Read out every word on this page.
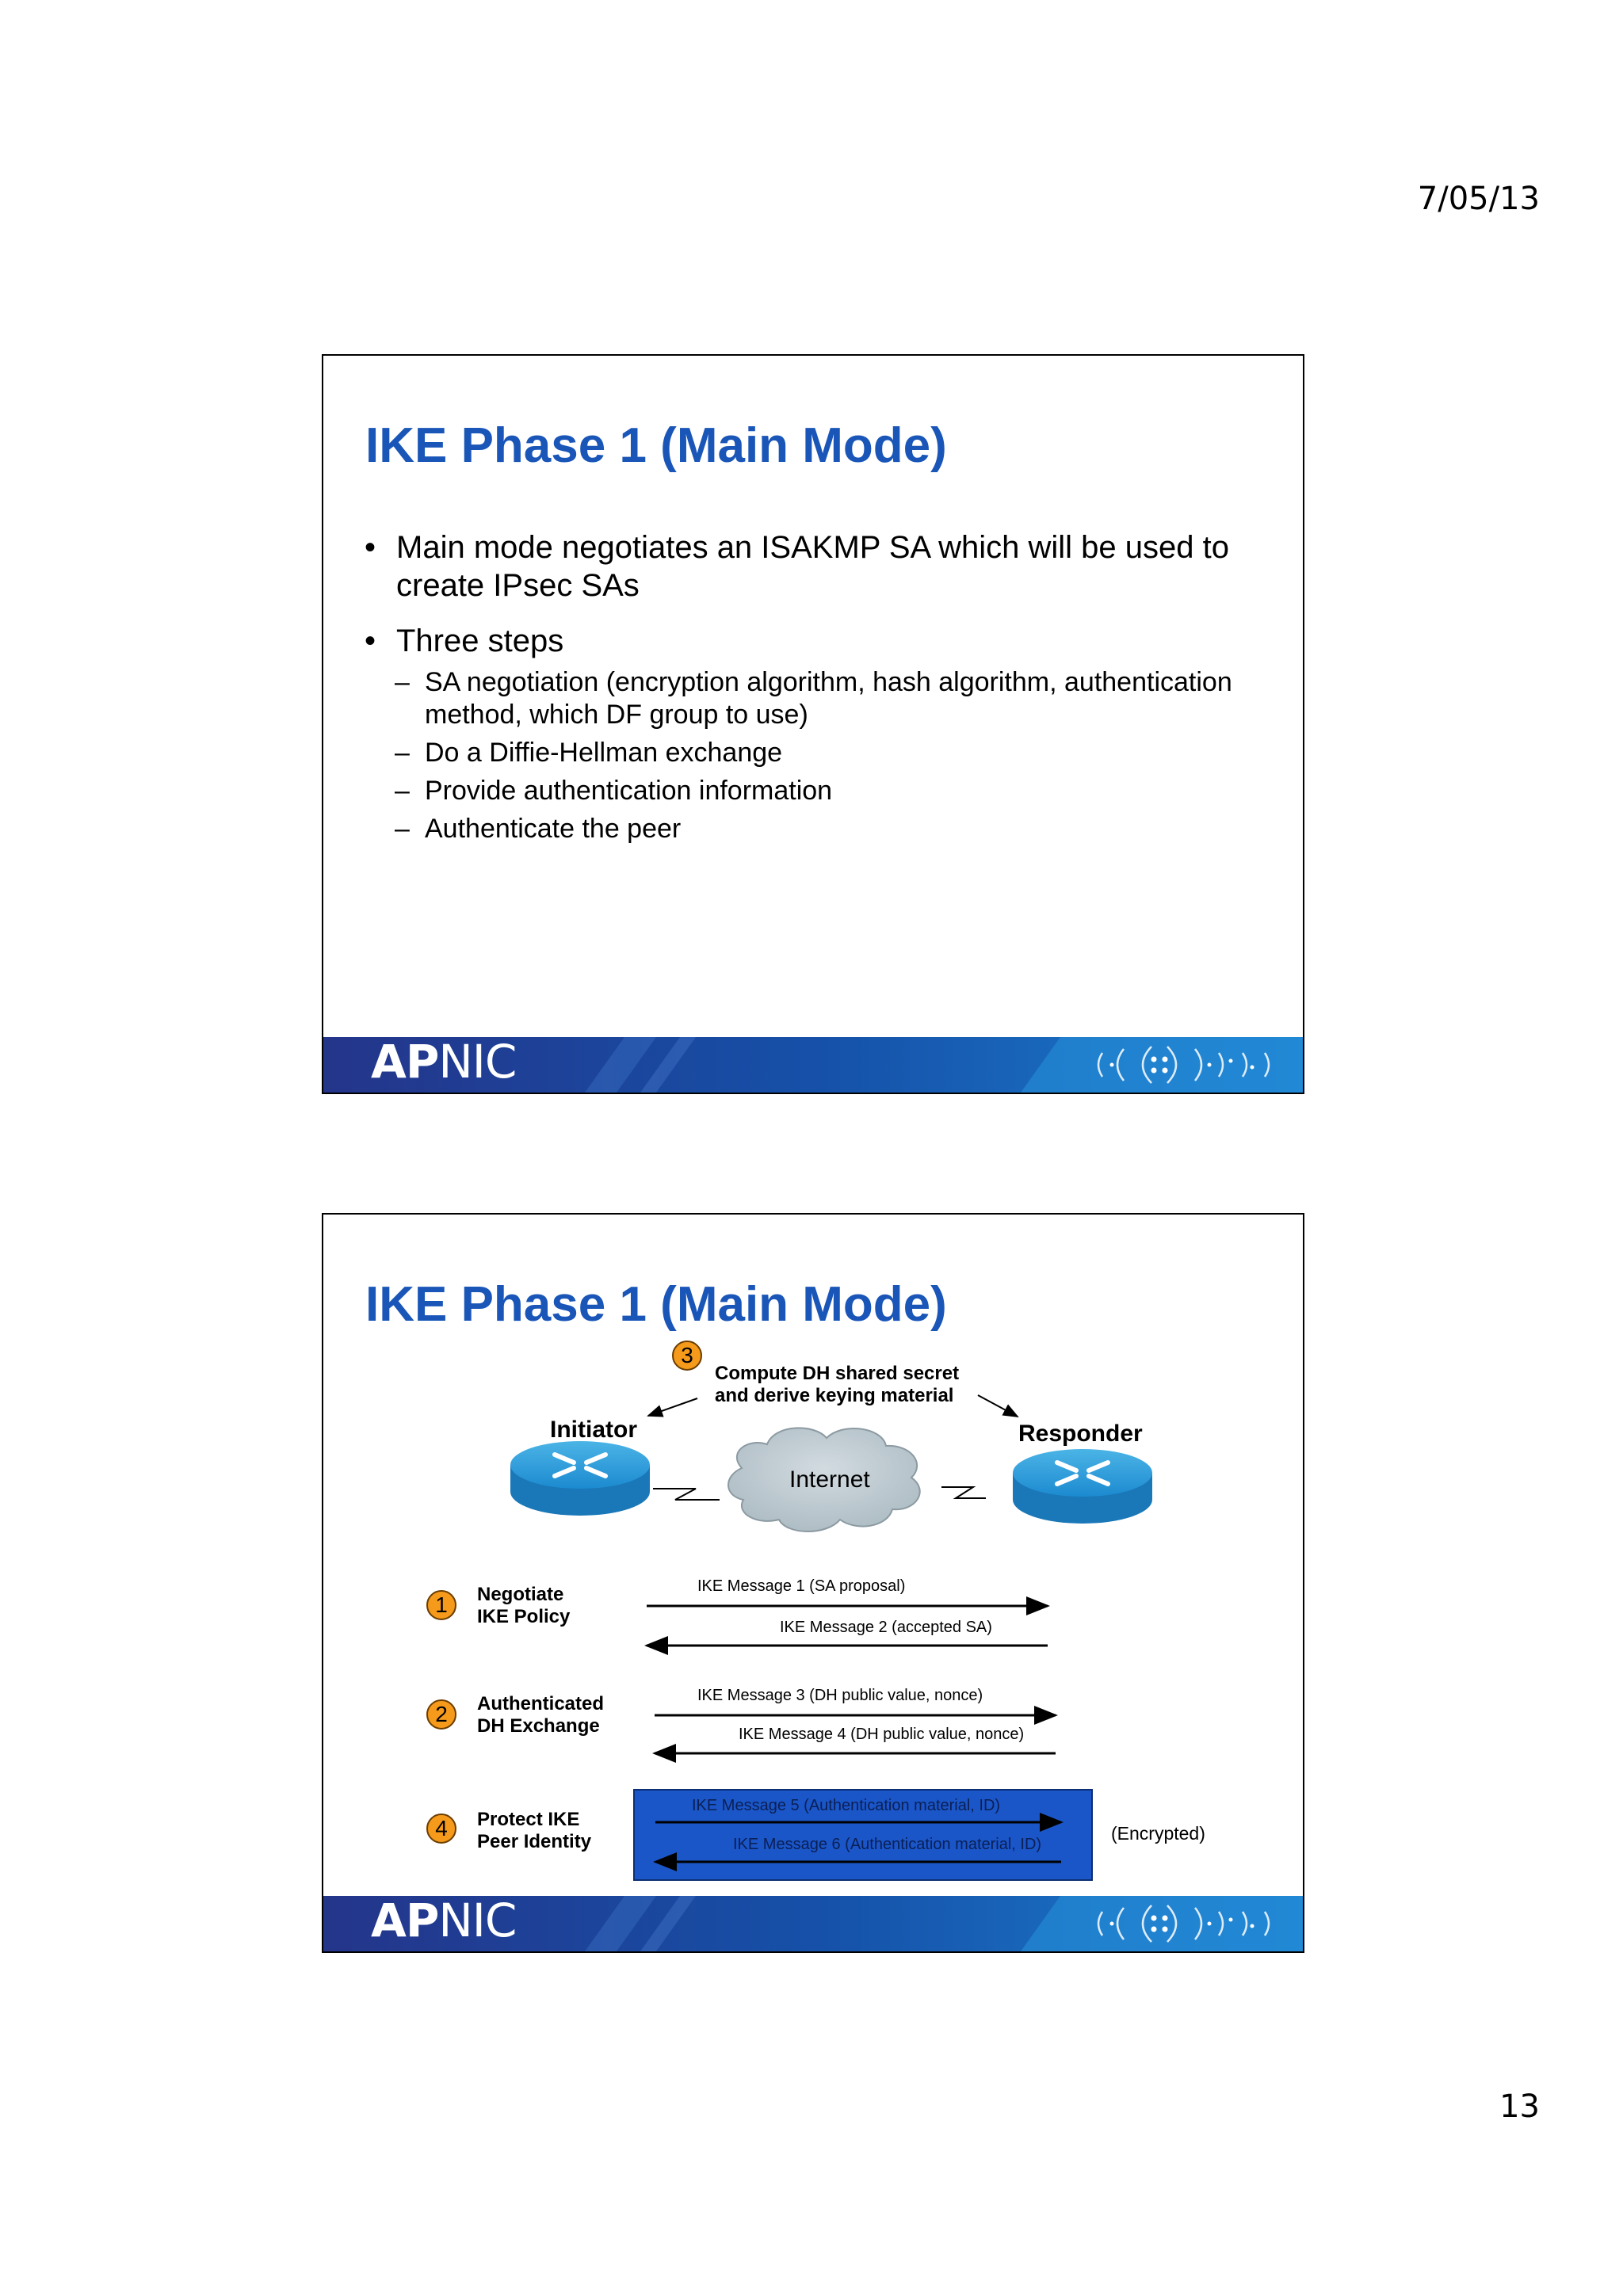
7/05/13
IKE Phase 1 (Main Mode)
• Main mode negotiates an ISAKMP SA which will be used to create IPsec SAs
• Three steps
– SA negotiation (encryption algorithm, hash algorithm, authentication method, which DF group to use)
– Do a Diffie-Hellman exchange
– Provide authentication information
– Authenticate the peer
APNIC
IKE Phase 1 (Main Mode)
3
Compute DH shared secret
and derive keying material
Initiator	Responder
Internet
1	Negotiate
IKE Policy
IKE Message 1 (SA proposal)
IKE Message 2 (accepted SA)
2	Authenticated
DH Exchange
IKE Message 3 (DH public value, nonce)
IKE Message 4 (DH public value, nonce)
IKE Message 5 (Authentication material, ID)
IKE Message 6 (Authentication material, ID)
4	Protect IKE
Peer Identity	(Encrypted)
APNIC
13
